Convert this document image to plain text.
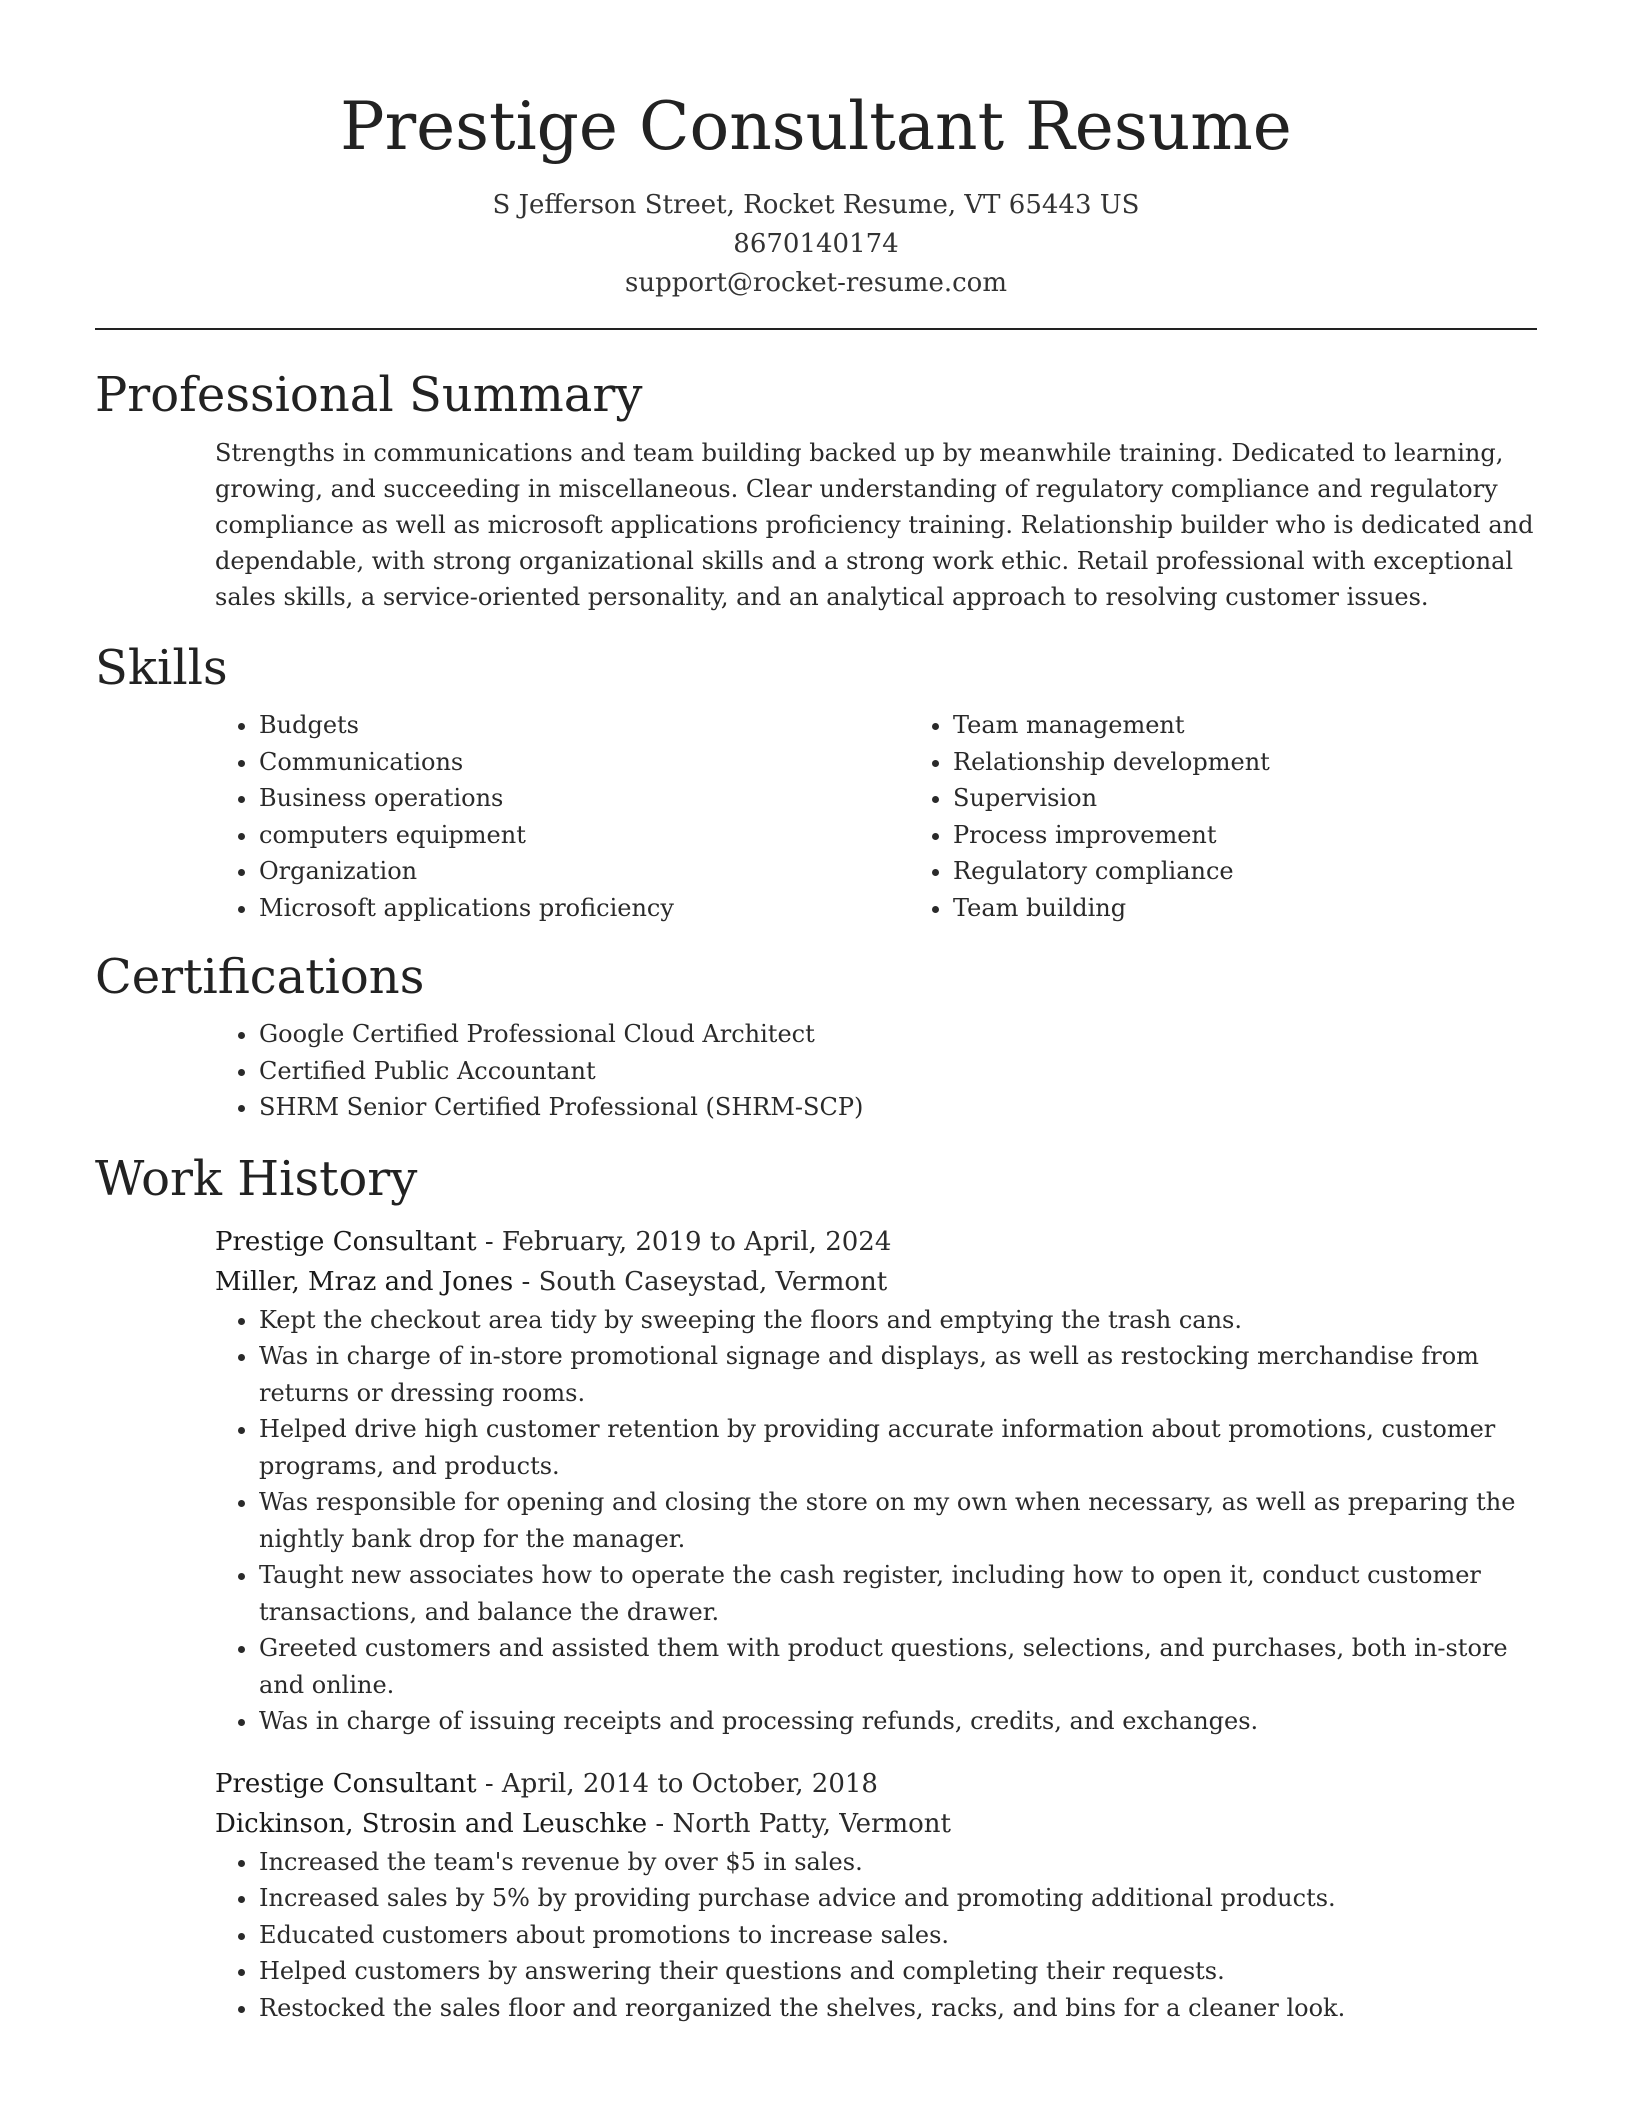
Prestige Consultant Resume
S Jefferson Street, Rocket Resume, VT 65443 US
8670140174
support@rocket-resume.com
Professional Summary

Strengths in communications and team building backed up by meanwhile training. Dedicated to learning, growing, and succeeding in miscellaneous. Clear understanding of regulatory compliance and regulatory compliance as well as microsoft applications proficiency training. Relationship builder who is dedicated and dependable, with strong organizational skills and a strong work ethic. Retail professional with exceptional sales skills, a service-oriented personality, and an analytical approach to resolving customer issues.

Skills
• Budgets
• Communications
• Business operations
• computers equipment
• Organization
• Microsoft applications proficiency
• Team management
• Relationship development
• Supervision
• Process improvement
• Regulatory compliance
• Team building
Certifications
• Google Certified Professional Cloud Architect
• Certified Public Accountant
• SHRM Senior Certified Professional (SHRM-SCP)
Work History
Prestige Consultant - February, 2019 to April, 2024
Miller, Mraz and Jones - South Caseystad, Vermont
• Kept the checkout area tidy by sweeping the floors and emptying the trash cans.
• Was in charge of in-store promotional signage and displays, as well as restocking merchandise from returns or dressing rooms.
• Helped drive high customer retention by providing accurate information about promotions, customer programs, and products.
• Was responsible for opening and closing the store on my own when necessary, as well as preparing the nightly bank drop for the manager.
• Taught new associates how to operate the cash register, including how to open it, conduct customer transactions, and balance the drawer.
• Greeted customers and assisted them with product questions, selections, and purchases, both in-store and online.
• Was in charge of issuing receipts and processing refunds, credits, and exchanges.
Prestige Consultant - April, 2014 to October, 2018
Dickinson, Strosin and Leuschke - North Patty, Vermont
• Increased the team's revenue by over $5 in sales.
• Increased sales by 5% by providing purchase advice and promoting additional products.
• Educated customers about promotions to increase sales.
• Helped customers by answering their questions and completing their requests.
• Restocked the sales floor and reorganized the shelves, racks, and bins for a cleaner look.
